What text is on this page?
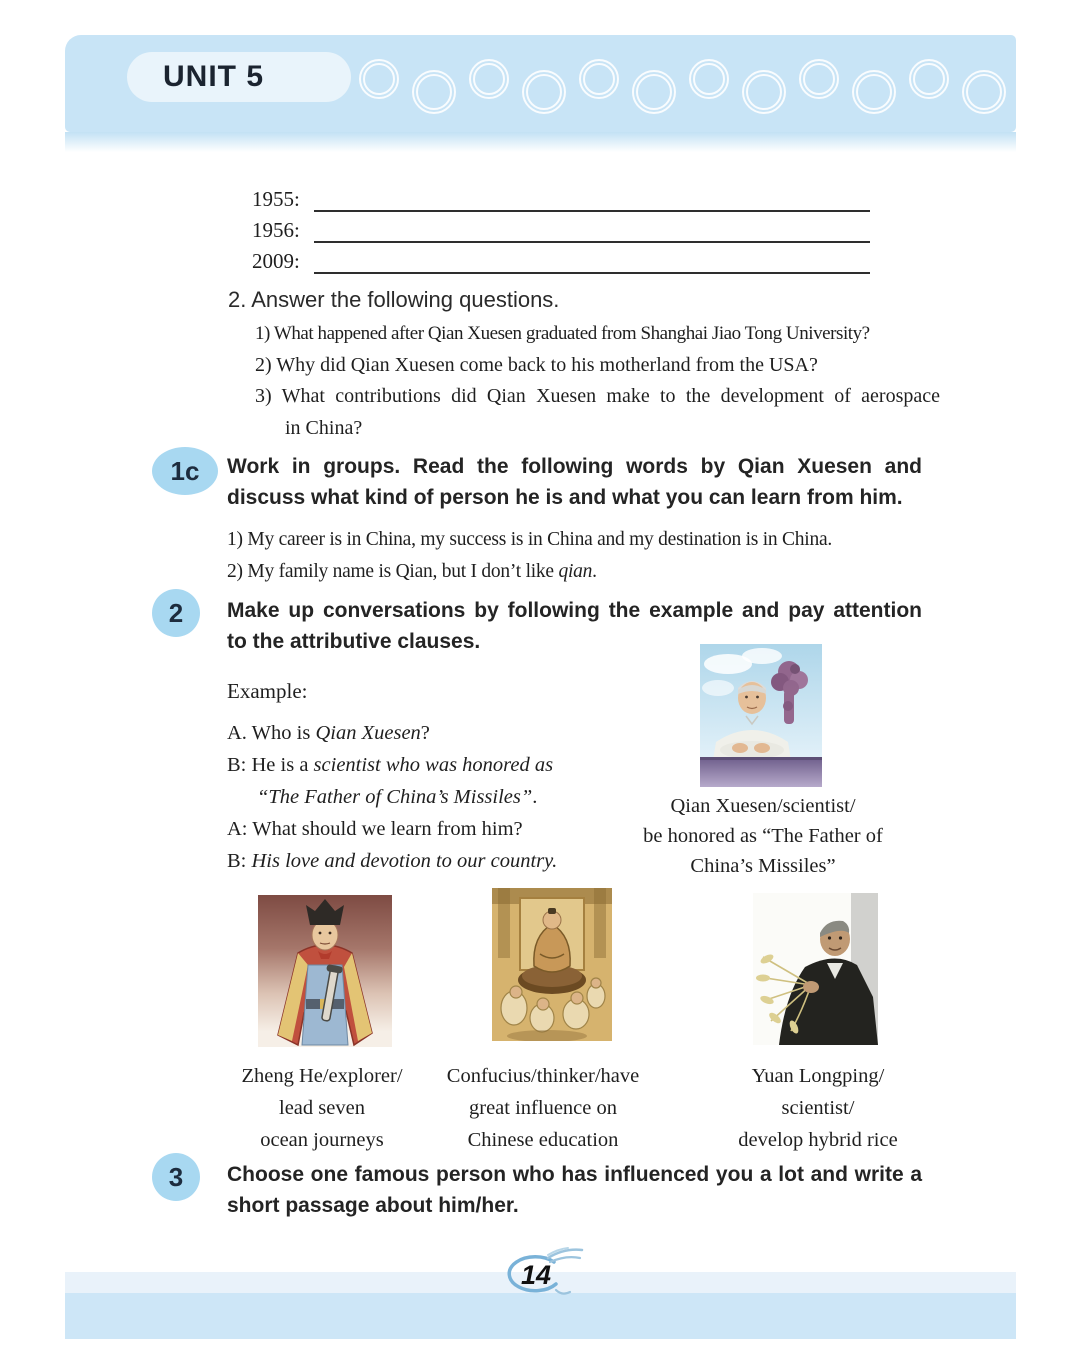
UNIT 5
1955:
1956:
2009:

2. Answer the following questions.

1) What happened after Qian Xuesen graduated from Shanghai Jiao Tong University?
2) Why did Qian Xuesen come back to his motherland from the USA?
3) What contributions did Qian Xuesen make to the development of aerospace
in China?
1c Work in groups. Read the following words by Qian Xuesen and
discuss what kind of person he is and what you can learn from him.

1) My career is in China, my success is in China and my destination is in China.

2) My family name is Qian, but I don’t like qian.

2 Make up conversations by following the example and pay attention
to the attributive clauses.

Example:

A. Who is Qian Xuesen?

B: He is a scientist who was honored as

“The Father of China’s Missiles”.

A: What should we learn from him?

B: His love and devotion to our country.

Qian Xuesen/scientist/

be honored as “The Father of

China’s Missiles”

Zheng He/explorer/

lead seven

ocean journeys

Confucius/thinker/have

great influence on

Chinese education

Yuan Longping/

scientist/

develop hybrid rice

3 Choose one famous person who has influenced you a lot and write a
short passage about him/her.
14
